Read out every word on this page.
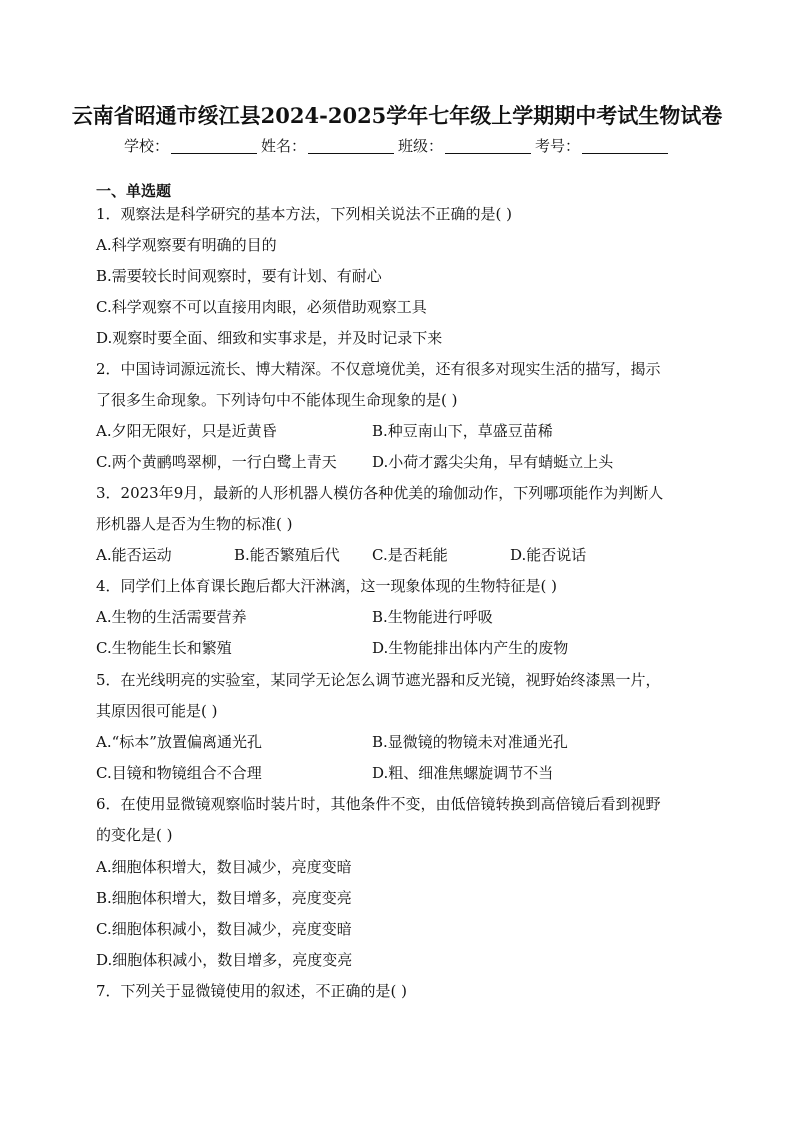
云南省昭通市绥江县2024-2025学年七年级上学期期中考试生物试卷
学校：	姓名：	班级：	考号：
一、单选题
1．观察法是科学研究的基本方法，下列相关说法不正确的是( )
A.科学观察要有明确的目的
B.需要较长时间观察时，要有计划、有耐心
C.科学观察不可以直接用肉眼，必须借助观察工具
D.观察时要全面、细致和实事求是，并及时记录下来
2．中国诗词源远流长、博大精深。不仅意境优美，还有很多对现实生活的描写，揭示
了很多生命现象。下列诗句中不能体现生命现象的是( )
A.夕阳无限好，只是近黄昏	B.种豆南山下，草盛豆苗稀
C.两个黄鹂鸣翠柳，一行白鹭上青天 D.小荷才露尖尖角，早有蜻蜓立上头
3．2023年9月，最新的人形机器人模仿各种优美的瑜伽动作，下列哪项能作为判断人
形机器人是否为生物的标准( )
A.能否运动	B.能否繁殖后代 C.是否耗能	D.能否说话
4．同学们上体育课长跑后都大汗淋漓，这一现象体现的生物特征是( )
A.生物的生活需要营养	B.生物能进行呼吸
C.生物能生长和繁殖	D.生物能排出体内产生的废物
5．在光线明亮的实验室，某同学无论怎么调节遮光器和反光镜，视野始终漆黑一片，
其原因很可能是( )
A.“标本”放置偏离通光孔	B.显微镜的物镜未对准通光孔
C.目镜和物镜组合不合理	D.粗、细准焦螺旋调节不当
6．在使用显微镜观察临时装片时，其他条件不变，由低倍镜转换到高倍镜后看到视野
的变化是( )
A.细胞体积增大，数目减少，亮度变暗
B.细胞体积增大，数目增多，亮度变亮
C.细胞体积减小，数目减少，亮度变暗
D.细胞体积减小，数目增多，亮度变亮
7．下列关于显微镜使用的叙述，不正确的是( )
